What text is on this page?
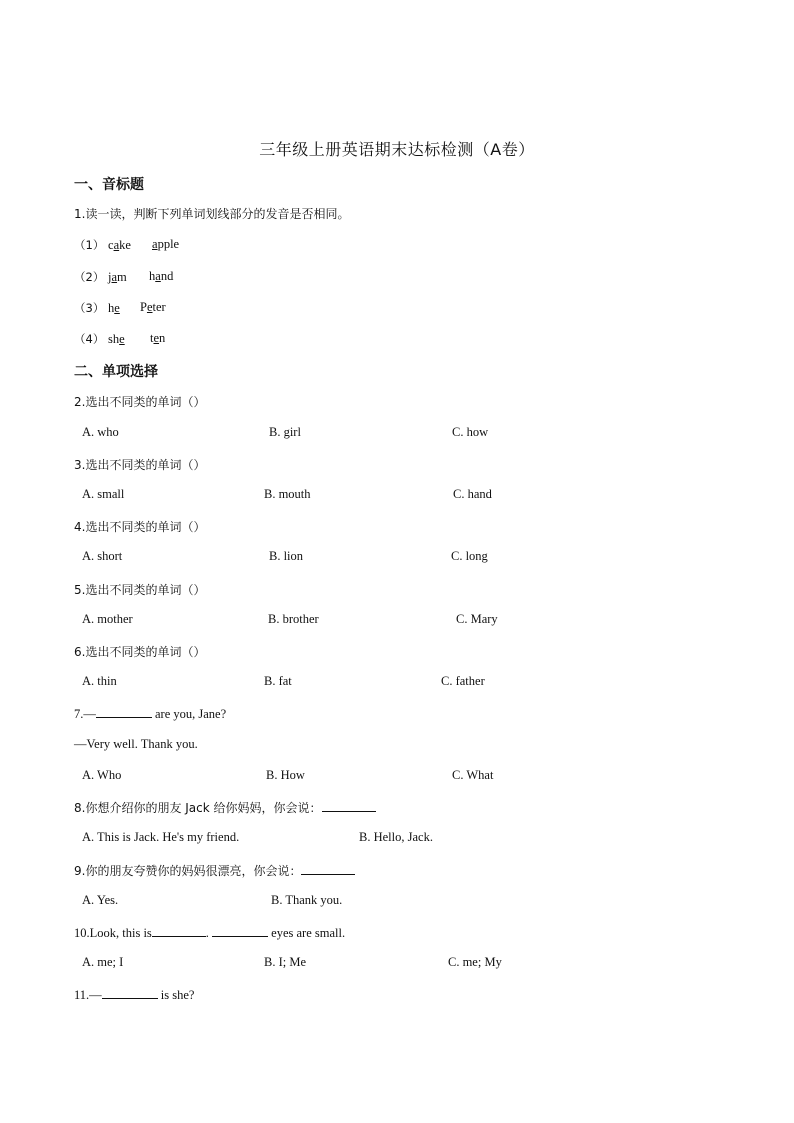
三年级上册英语期末达标检测（A卷）
一、音标题
1.读一读，判断下列单词划线部分的发音是否相同。
（1） cake apple
（2） jam hand
（3） he Peter
（4） she ten
二、单项选择
2.选出不同类的单词（）
A. who	B. girl	C. how
3.选出不同类的单词（）
A. small	B. mouth	C. hand
4.选出不同类的单词（）
A. short	B. lion	C. long
5.选出不同类的单词（）
A. mother	B. brother	C. Mary
6.选出不同类的单词（）
A. thin	B. fat	C. father
7.—	are you, Jane?
—Very well. Thank you.
A. Who	B. How	C. What
8.你想介绍你的朋友 Jack 给你妈妈，你会说：
A. This is Jack. He's my friend.	B. Hello, Jack.
9.你的朋友夸赞你的妈妈很漂亮，你会说：
A. Yes.	B. Thank you.
10.Look, this is	.	eyes are small.
A. me; I	B. I; Me	C. me; My
11.—	is she?
